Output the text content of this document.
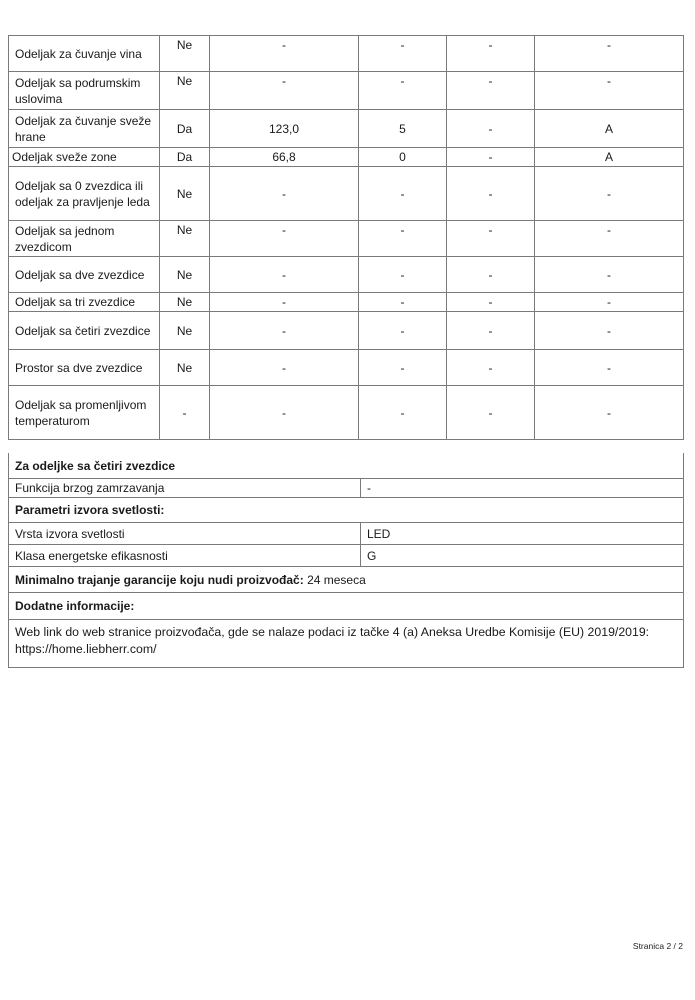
Odeljak za čuvanje vina	Ne	-	-	-	-
Odeljak sa podrumskim uslovima	Ne	-	-	-	-
Odeljak za čuvanje sveže hrane	Da	123,0	5	-	A
Odeljak sveže zone	Da	66,8	0	-	A
Odeljak sa 0 zvezdica ili odeljak za pravljenje leda	Ne	-	-	-	-
Odeljak sa jednom zvezdicom	Ne	-	-	-	-
Odeljak sa dve zvezdice	Ne	-	-	-	-
Odeljak sa tri zvezdice	Ne	-	-	-	-
Odeljak sa četiri zvezdice	Ne	-	-	-	-
Prostor sa dve zvezdice	Ne	-	-	-	-
Odeljak sa promenljivom temperaturom	-	-	-	-	-
Za odeljke sa četiri zvezdice
Funkcija brzog zamrzavanja	-
Parametri izvora svetlosti:
Vrsta izvora svetlosti	LED
Klasa energetske efikasnosti	G
Minimalno trajanje garancije koju nudi proizvođač:
24 meseca
Dodatne informacije:
Web link do web stranice proizvođača, gde se nalaze podaci iz tačke 4 (a) Aneksa Uredbe Komisije (EU) 2019/2019: https://home.liebherr.com/
Stranica 2 / 2
